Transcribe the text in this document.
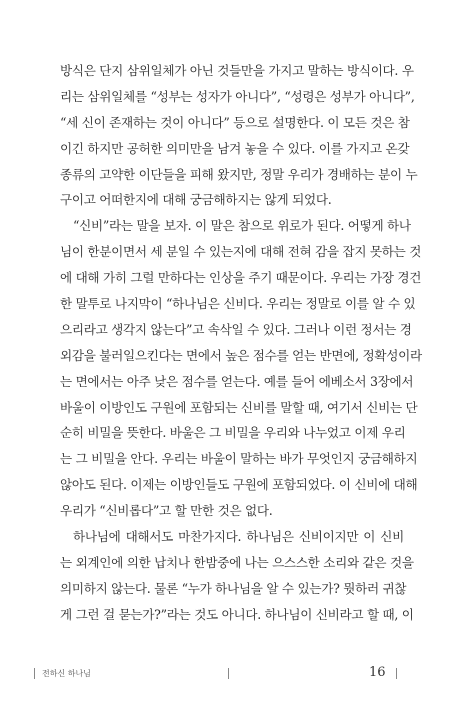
방식은 단지 삼위일체가 아닌 것들만을 가지고 말하는 방식이다. 우
리는 삼위일체를 “성부는 성자가 아니다”, “성령은 성부가 아니다”,
“세 신이 존재하는 것이 아니다” 등으로 설명한다. 이 모든 것은 참
이긴 하지만 공허한 의미만을 남겨 놓을 수 있다. 이를 가지고 온갖
종류의 고약한 이단들을 피해 왔지만, 정말 우리가 경배하는 분이 누
구이고 어떠한지에 대해 궁금해하지는 않게 되었다.
“신비”라는 말을 보자. 이 말은 참으로 위로가 된다. 어떻게 하나
님이 한분이면서 세 분일 수 있는지에 대해 전혀 감을 잡지 못하는 것
에 대해 가히 그럴 만하다는 인상을 주기 때문이다. 우리는 가장 경건
한 말투로 나지막이 “하나님은 신비다. 우리는 정말로 이를 알 수 있
으리라고 생각지 않는다”고 속삭일 수 있다. 그러나 이런 정서는 경
외감을 불러일으킨다는 면에서 높은 점수를 얻는 반면에, 정확성이라
는 면에서는 아주 낮은 점수를 얻는다. 예를 들어 에베소서 3장에서
바울이 이방인도 구원에 포함되는 신비를 말할 때, 여기서 신비는 단
순히 비밀을 뜻한다. 바울은 그 비밀을 우리와 나누었고 이제 우리
는 그 비밀을 안다. 우리는 바울이 말하는 바가 무엇인지 궁금해하지
않아도 된다. 이제는 이방인들도 구원에 포함되었다. 이 신비에 대해
우리가 “신비롭다”고 할 만한 것은 없다.
하나님에 대해서도 마찬가지다. 하나님은 신비이지만 이 신비
는 외계인에 의한 납치나 한밤중에 나는 으스스한 소리와 같은 것을
의미하지 않는다. 물론 “누가 하나님을 알 수 있는가? 뭣하러 귀찮
게 그런 걸 묻는가?”라는 것도 아니다. 하나님이 신비라고 할 때, 이
전하신 하나님	16
